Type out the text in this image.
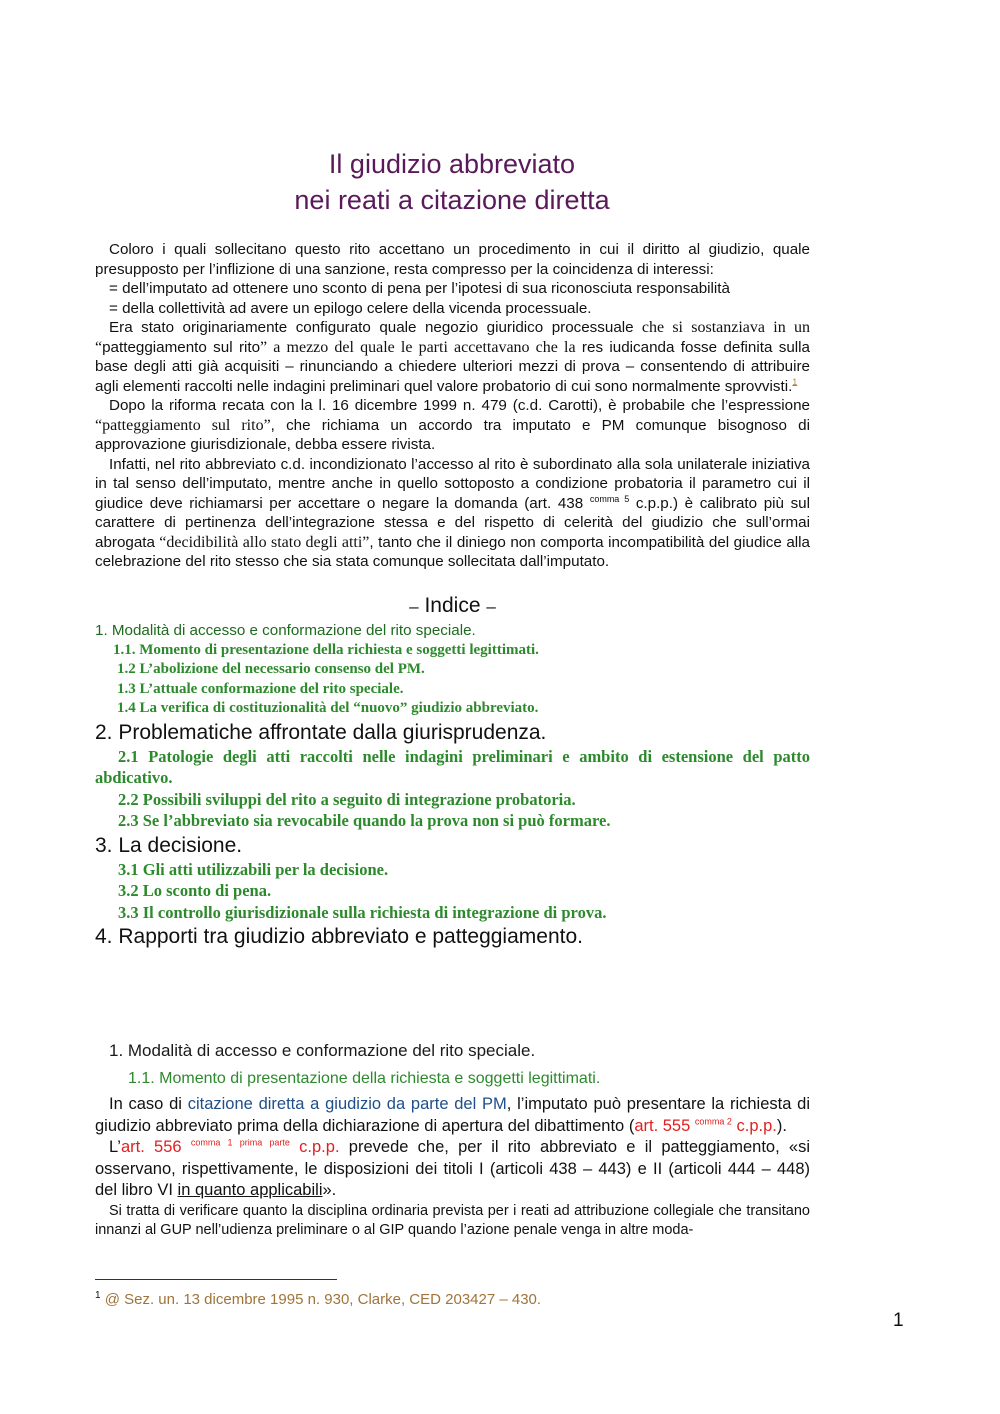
Il giudizio abbreviato
nei reati a citazione diretta

Coloro i quali sollecitano questo rito accettano un procedimento in cui il diritto al giudizio, quale presupposto per l’inflizione di una sanzione, resta compresso per la coincidenza di interessi:

= dell’imputato ad ottenere uno sconto di pena per l’ipotesi di sua riconosciuta responsabilità

= della collettività ad avere un epilogo celere della vicenda processuale.

Era stato originariamente configurato quale negozio giuridico processuale che si sostanziava in un “patteggiamento sul rito” a mezzo del quale le parti accettavano che la res iudicanda fosse definita sulla base degli atti già acquisiti – rinunciando a chiedere ulteriori mezzi di prova – consentendo di attribuire agli elementi raccolti nelle indagini preliminari quel valore probatorio di cui sono normalmente sprovvisti.$^1$

Dopo la riforma recata con la l. 16 dicembre 1999 n. 479 (c.d. Carotti), è probabile che l’espressione “patteggiamento sul rito”, che richiama un accordo tra imputato e PM comunque bisognoso di approvazione giurisdizionale, debba essere rivista.

Infatti, nel rito abbreviato c.d. incondizionato l’accesso al rito è subordinato alla sola unilaterale iniziativa in tal senso dell’imputato, mentre anche in quello sottoposto a condizione probatoria il parametro cui il giudice deve richiamarsi per accettare o negare la domanda (art. 438 $^{comma 5}$ c.p.p.) è calibrato più sul carattere di pertinenza dell’integrazione stessa e del rispetto di celerità del giudizio che sull’ormai abrogata “decidibilità allo stato degli atti”, tanto che il diniego non comporta incompatibilità del giudice alla celebrazione del rito stesso che sia stata comunque sollecitata dall’imputato.

– Indice –
1. Modalità di accesso e conformazione del rito speciale.
1.1. Momento di presentazione della richiesta e soggetti legittimati.
1.2 L’abolizione del necessario consenso del PM.
1.3 L’attuale conformazione del rito speciale.
1.4 La verifica di costituzionalità del “nuovo” giudizio abbreviato.
2. Problematiche affrontate dalla giurisprudenza.
2.1 Patologie degli atti raccolti nelle indagini preliminari e ambito di estensione del patto abdicativo.
2.2 Possibili sviluppi del rito a seguito di integrazione probatoria.
2.3 Se l’abbreviato sia revocabile quando la prova non si può formare.
3. La decisione.
3.1 Gli atti utilizzabili per la decisione.
3.2 Lo sconto di pena.
3.3 Il controllo giurisdizionale sulla richiesta di integrazione di prova.
4. Rapporti tra giudizio abbreviato e patteggiamento.
1. Modalità di accesso e conformazione del rito speciale.
1.1. Momento di presentazione della richiesta e soggetti legittimati.

In caso di citazione diretta a giudizio da parte del PM, l’imputato può presentare la richiesta di giudizio abbreviato prima della dichiarazione di apertura del dibattimento (art. 555 $^{comma 2}$ c.p.p.).

L’art. 556 $^{comma 1 prima parte}$ c.p.p. prevede che, per il rito abbreviato e il patteggiamento, «si osservano, rispettivamente, le disposizioni dei titoli I (articoli 438 – 443) e II (articoli 444 – 448) del libro VI in quanto applicabili».

Si tratta di verificare quanto la disciplina ordinaria prevista per i reati ad attribuzione collegiale che transitano innanzi al GUP nell’udienza preliminare o al GIP quando l’azione penale venga in altre moda-

$^1$ @ Sez. un. 13 dicembre 1995 n. 930, Clarke, CED 203427 – 430.
1
